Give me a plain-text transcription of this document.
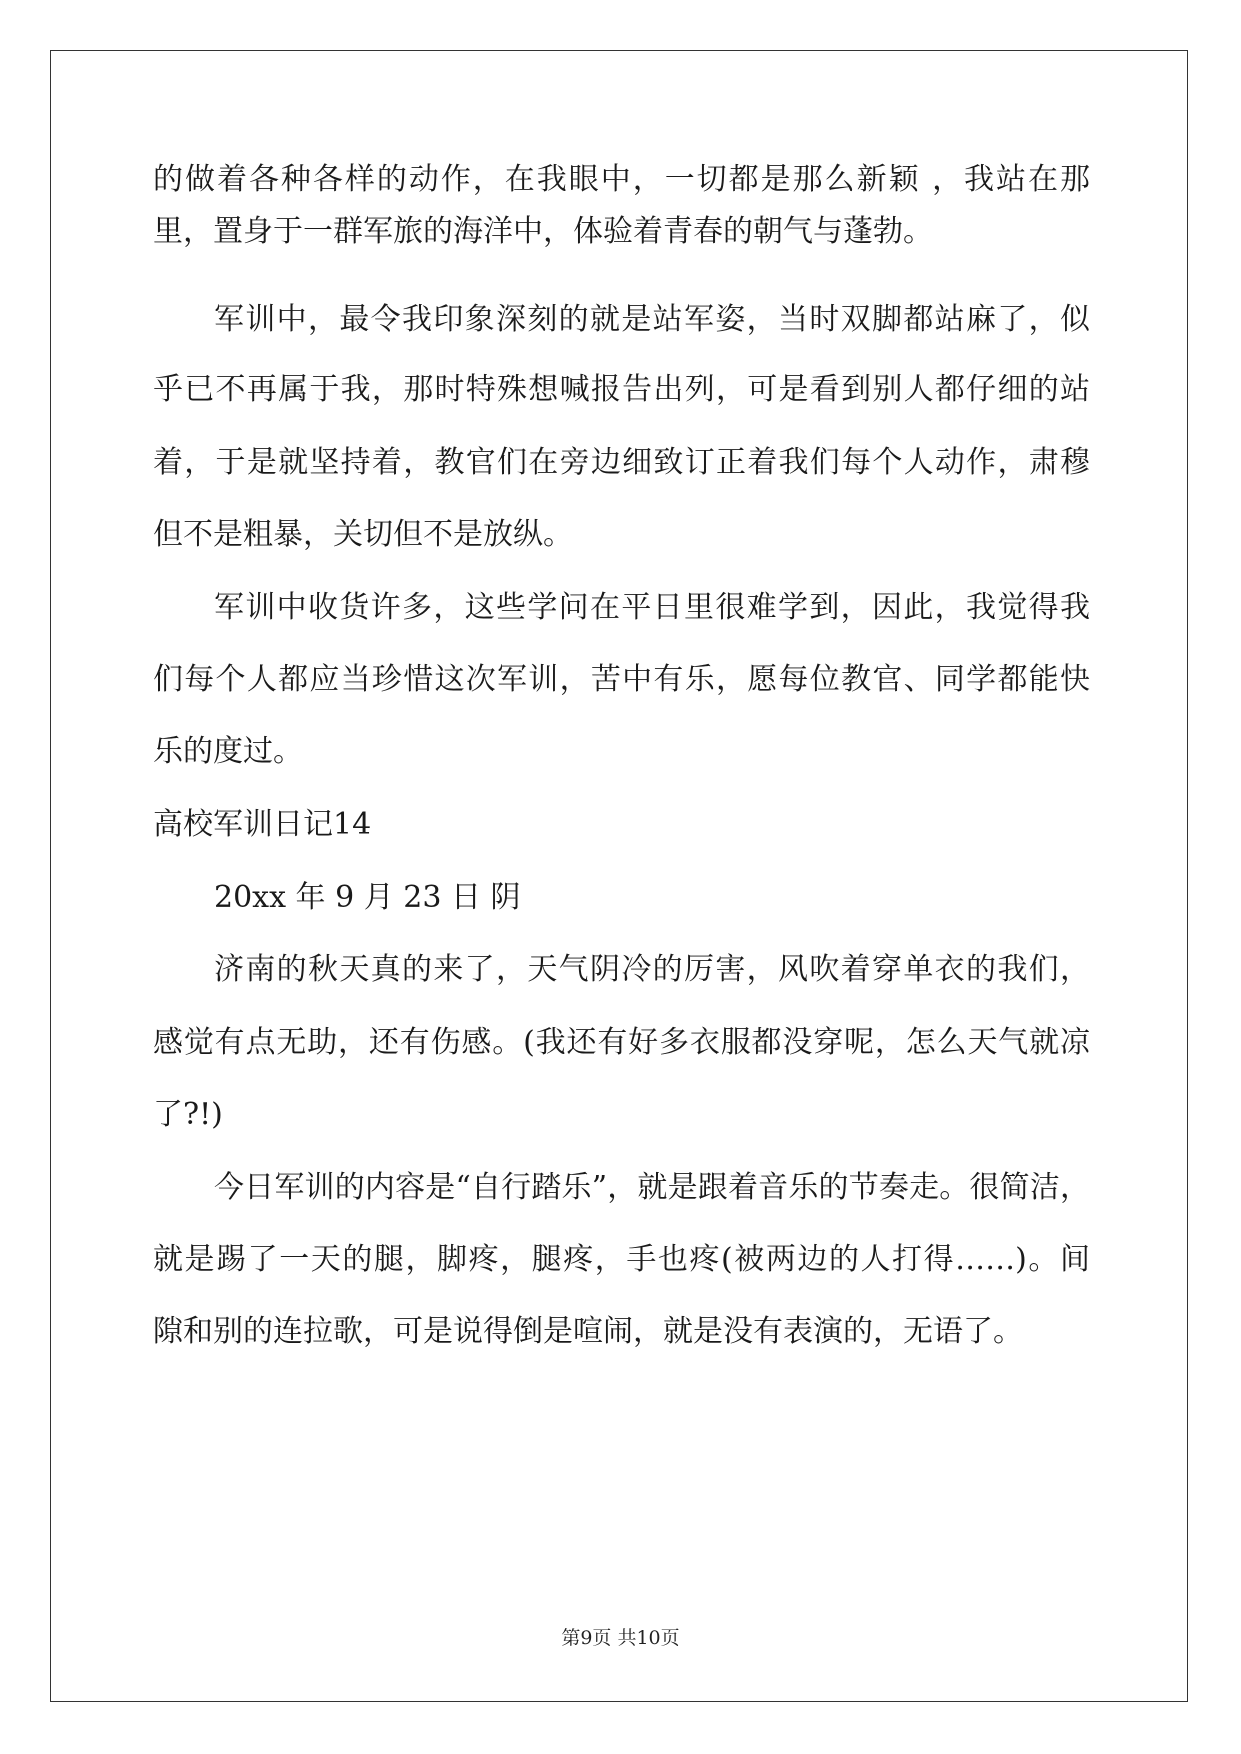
的做着各种各样的动作，在我眼中，一切都是那么新颖 ，我站在那
里，置身于一群军旅的海洋中，体验着青春的朝气与蓬勃。
军训中，最令我印象深刻的就是站军姿，当时双脚都站麻了，似
乎已不再属于我，那时特殊想喊报告出列，可是看到别人都仔细的站
着，于是就坚持着，教官们在旁边细致订正着我们每个人动作，肃穆
但不是粗暴，关切但不是放纵。
军训中收货许多，这些学问在平日里很难学到，因此，我觉得我
们每个人都应当珍惜这次军训，苦中有乐，愿每位教官、同学都能快
乐的度过。
高校军训日记14
20xx 年 9 月 23 日 阴
济南的秋天真的来了，天气阴冷的厉害，风吹着穿单衣的我们，
感觉有点无助，还有伤感。(我还有好多衣服都没穿呢，怎么天气就凉
了?!)
今日军训的内容是“自行踏乐”，就是跟着音乐的节奏走。很简洁，
就是踢了一天的腿，脚疼，腿疼，手也疼(被两边的人打得……)。间
隙和别的连拉歌，可是说得倒是喧闹，就是没有表演的，无语了。
第9页 共10页
